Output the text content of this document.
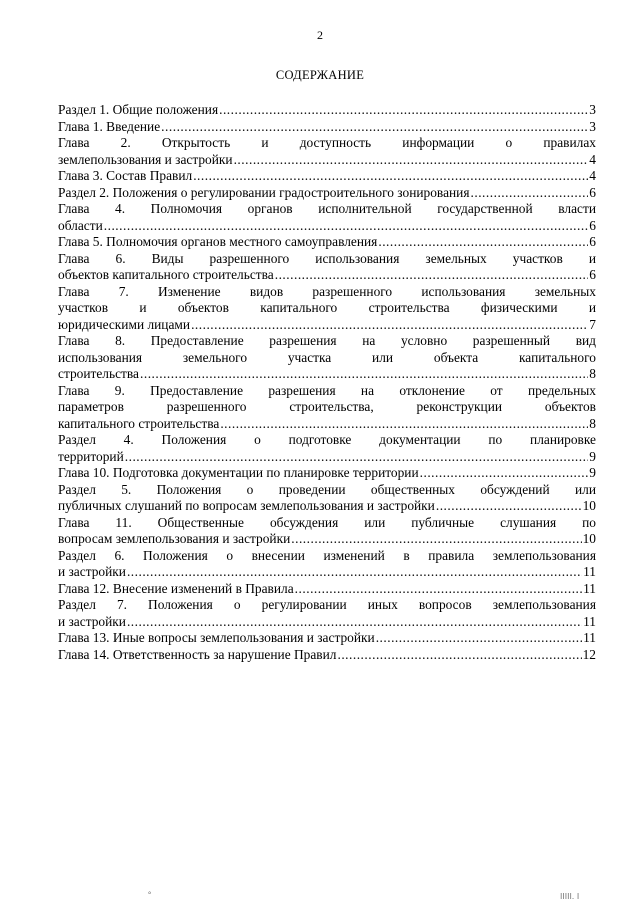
2
СОДЕРЖАНИЕ
Раздел 1. Общие положения .....	3
Глава 1. Введение .....	3
Глава 2. Открытость и доступность информации о правилах
землепользования и застройки .....	4
Глава 3. Состав Правил .....	4
Раздел 2. Положения о регулировании градостроительного зонирования .....	6
Глава 4. Полномочия органов исполнительной государственной власти
области .....	6
Глава 5. Полномочия органов местного самоуправления .....	6
Глава 6. Виды разрешенного использования земельных участков и
объектов капитального строительства .....	6
Глава 7. Изменение видов разрешенного использования земельных
участков и объектов капитального строительства физическими и
юридическими лицами .....	7
Глава 8. Предоставление разрешения на условно разрешенный вид
использования земельного участка или объекта капитального
строительства .....	8
Глава 9. Предоставление разрешения на отклонение от предельных
параметров разрешенного строительства, реконструкции объектов
капитального строительства .....	8
Раздел 4. Положения о подготовке документации по планировке
территорий .....	9
Глава 10. Подготовка документации по планировке территории .....	9
Раздел 5. Положения о проведении общественных обсуждений или
публичных слушаний по вопросам землепользования и застройки .....	10
Глава 11. Общественные обсуждения или публичные слушания по
вопросам землепользования и застройки .....	10
Раздел 6. Положения о внесении изменений в правила землепользования
и застройки .....	11
Глава 12. Внесение изменений в Правила .....	11
Раздел 7. Положения о регулировании иных вопросов землепользования
и застройки .....	11
Глава 13. Иные вопросы землепользования и застройки .....	11
Глава 14. Ответственность за нарушение Правил .....	12
°	ІІІІІ. І
